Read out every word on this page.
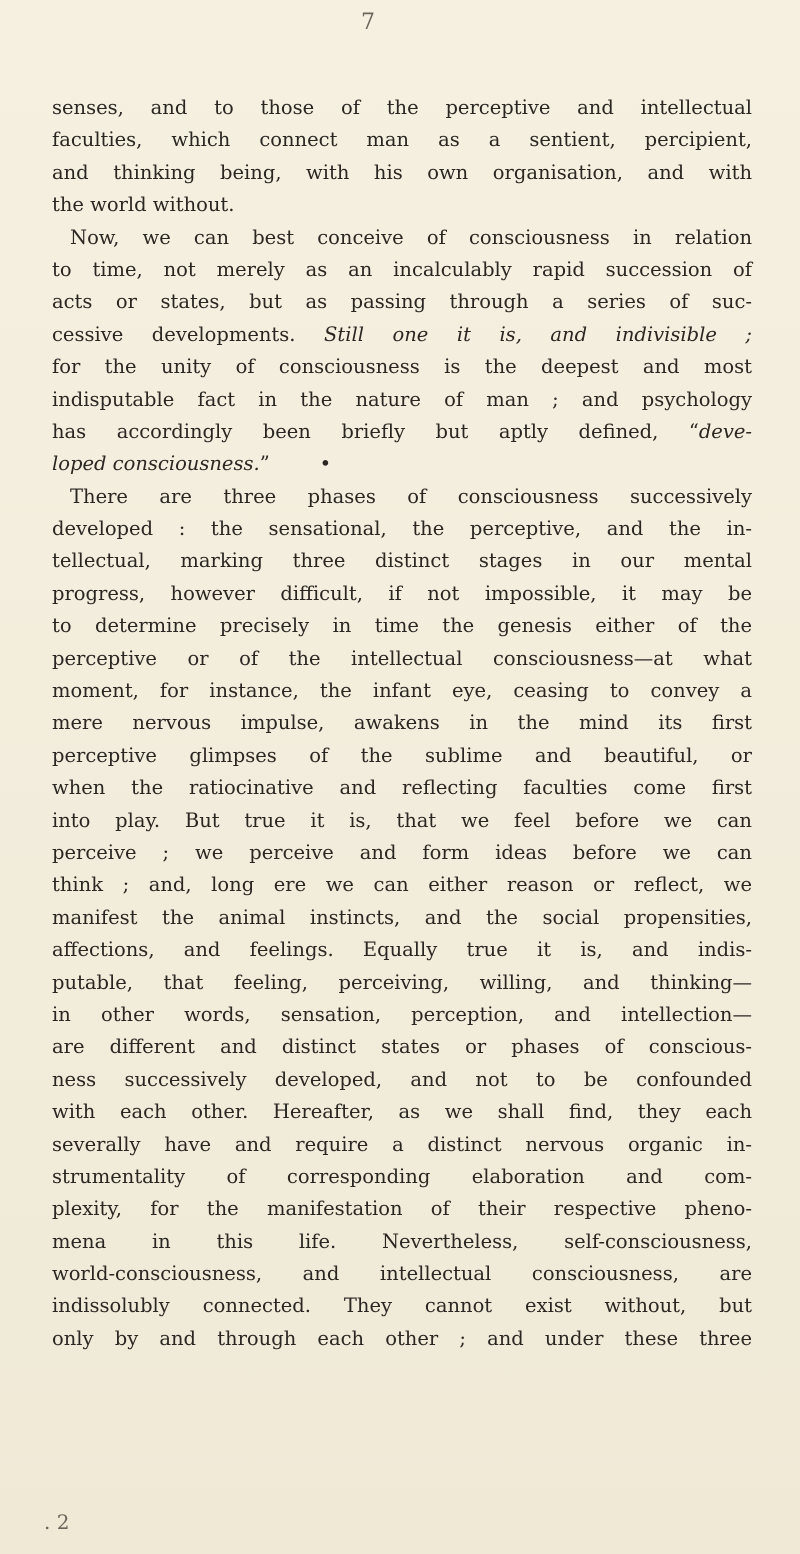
7
senses, and to those of the perceptive and intellectual
faculties, which connect man as a sentient, percipient,
and thinking being, with his own organisation, and with
the world without.
Now, we can best conceive of consciousness in relation
to time, not merely as an incalculably rapid succession of
acts or states, but as passing through a series of suc-
cessive developments. Still one it is, and indivisible ;
for the unity of consciousness is the deepest and most
indisputable fact in the nature of man ; and psychology
has accordingly been briefly but aptly defined, “deve-
loped consciousness.”	•
There are three phases of consciousness successively
developed : the sensational, the perceptive, and the in-
tellectual, marking three distinct stages in our mental
progress, however difficult, if not impossible, it may be
to determine precisely in time the genesis either of the
perceptive or of the intellectual consciousness—at what
moment, for instance, the infant eye, ceasing to convey a
mere nervous impulse, awakens in the mind its first
perceptive glimpses of the sublime and beautiful, or
when the ratiocinative and reflecting faculties come first
into play. But true it is, that we feel before we can
perceive ; we perceive and form ideas before we can
think ; and, long ere we can either reason or reflect, we
manifest the animal instincts, and the social propensities,
affections, and feelings. Equally true it is, and indis-
putable, that feeling, perceiving, willing, and thinking—
in other words, sensation, perception, and intellection—
are different and distinct states or phases of conscious-
ness successively developed, and not to be confounded
with each other. Hereafter, as we shall find, they each
severally have and require a distinct nervous organic in-
strumentality of corresponding elaboration and com-
plexity, for the manifestation of their respective pheno-
mena in this life. Nevertheless, self-consciousness,
world-consciousness, and intellectual consciousness, are
indissolubly connected. They cannot exist without, but
only by and through each other ; and under these three
. 2
